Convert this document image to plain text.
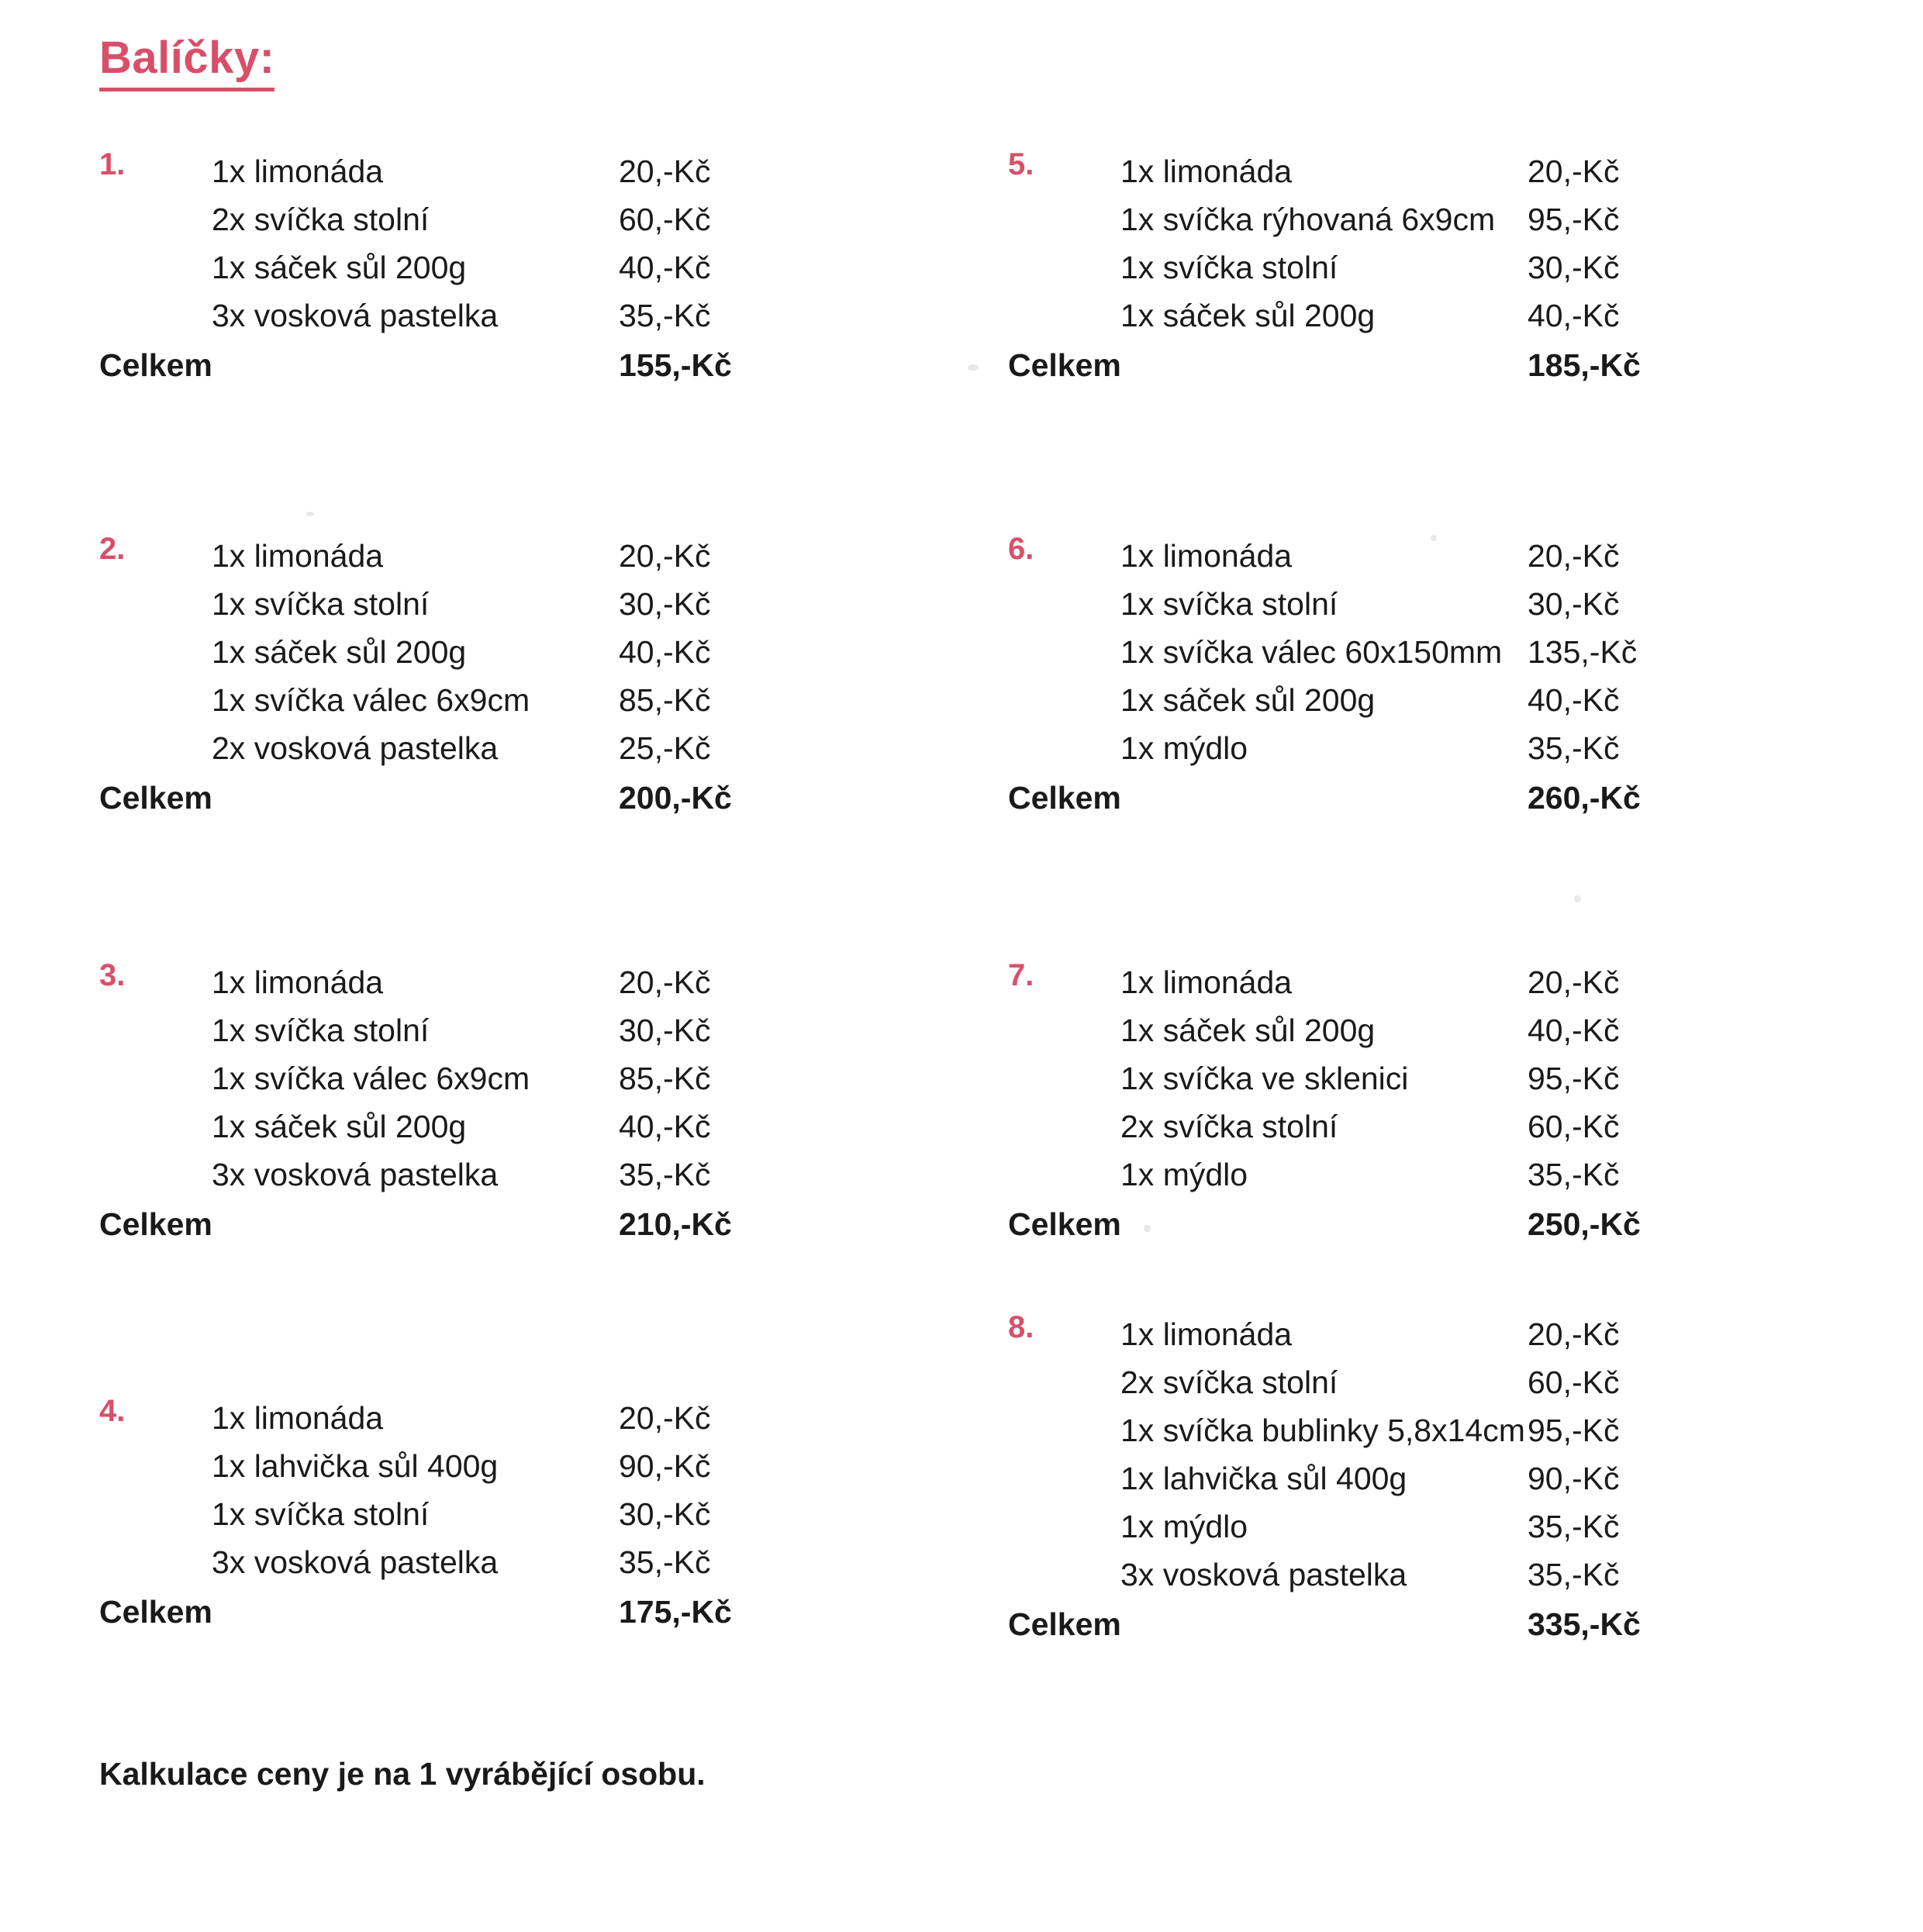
Balíčky:
1.	1x limonáda	20,-Kč
2x svíčka stolní	60,-Kč
1x sáček sůl 200g	40,-Kč
3x vosková pastelka	35,-Kč
Celkem	155,-Kč
2.	1x limonáda	20,-Kč
1x svíčka stolní	30,-Kč
1x sáček sůl 200g	40,-Kč
1x svíčka válec 6x9cm	85,-Kč
2x vosková pastelka	25,-Kč
Celkem	200,-Kč
3.	1x limonáda	20,-Kč
1x svíčka stolní	30,-Kč
1x svíčka válec 6x9cm	85,-Kč
1x sáček sůl 200g	40,-Kč
3x vosková pastelka	35,-Kč
Celkem	210,-Kč
4.	1x limonáda	20,-Kč
1x lahvička sůl 400g	90,-Kč
1x svíčka stolní	30,-Kč
3x vosková pastelka	35,-Kč
Celkem	175,-Kč
5.	1x limonáda	20,-Kč
1x svíčka rýhovaná 6x9cm	95,-Kč
1x svíčka stolní	30,-Kč
1x sáček sůl 200g	40,-Kč
Celkem	185,-Kč
6.	1x limonáda	20,-Kč
1x svíčka stolní	30,-Kč
1x svíčka válec 60x150mm 135,-Kč
1x sáček sůl 200g	40,-Kč
1x mýdlo	35,-Kč
Celkem	260,-Kč
7.	1x limonáda	20,-Kč
1x sáček sůl 200g	40,-Kč
1x svíčka ve sklenici	95,-Kč
2x svíčka stolní	60,-Kč
1x mýdlo	35,-Kč
Celkem	250,-Kč
8.	1x limonáda	20,-Kč
2x svíčka stolní	60,-Kč
1x svíčka bublinky 5,8x14cm 95,-Kč
1x lahvička sůl 400g	90,-Kč
1x mýdlo	35,-Kč
3x vosková pastelka	35,-Kč
Celkem	335,-Kč
Kalkulace ceny je na 1 vyrábějící osobu.
